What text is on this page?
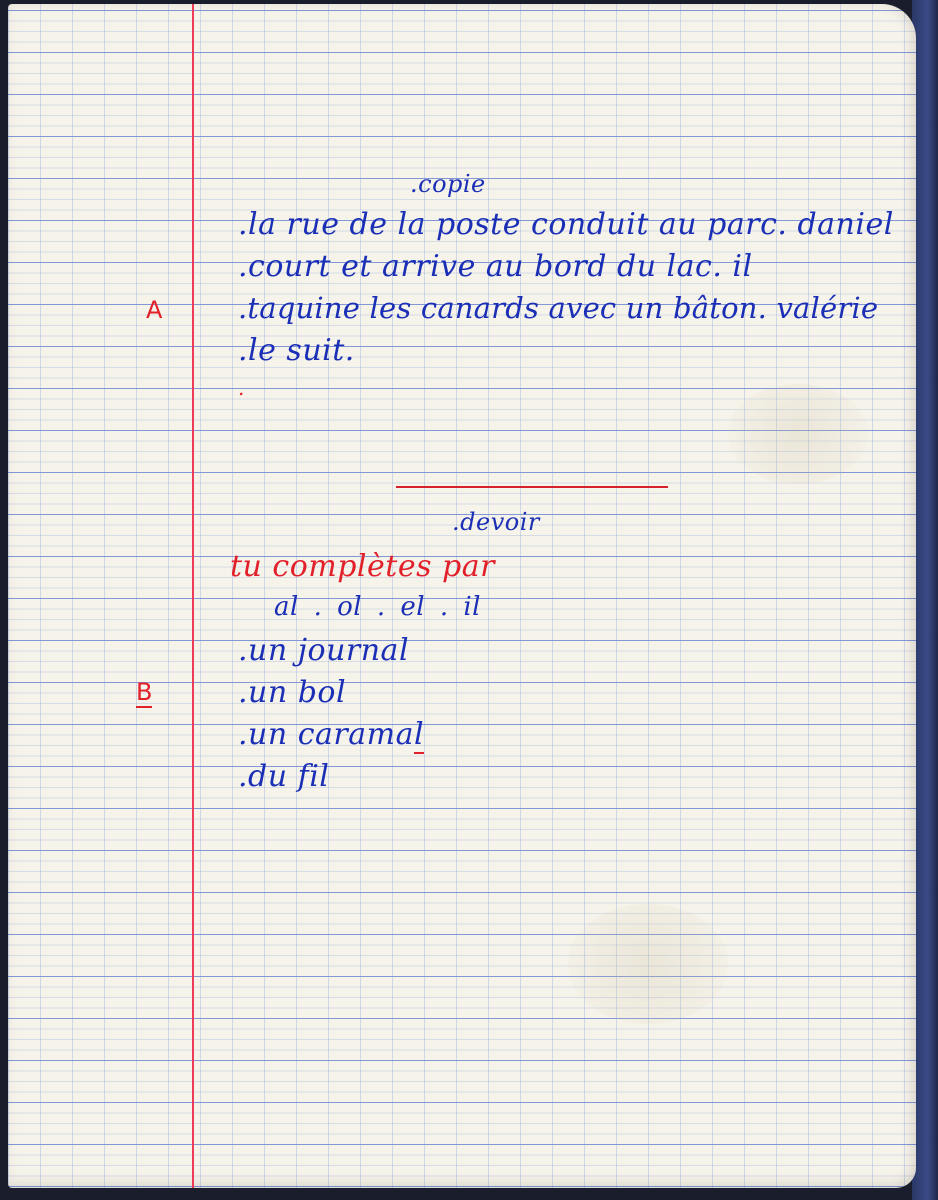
.copie
.la rue de la poste conduit au parc. daniel
.court et arrive au bord du lac. il
.taquine les canards avec un bâton. valérie
.le suit.
.
A
.devoir
tu complètes par
al . ol . el . il
.un journal
.un bol
.un caramal
.du fil
B
